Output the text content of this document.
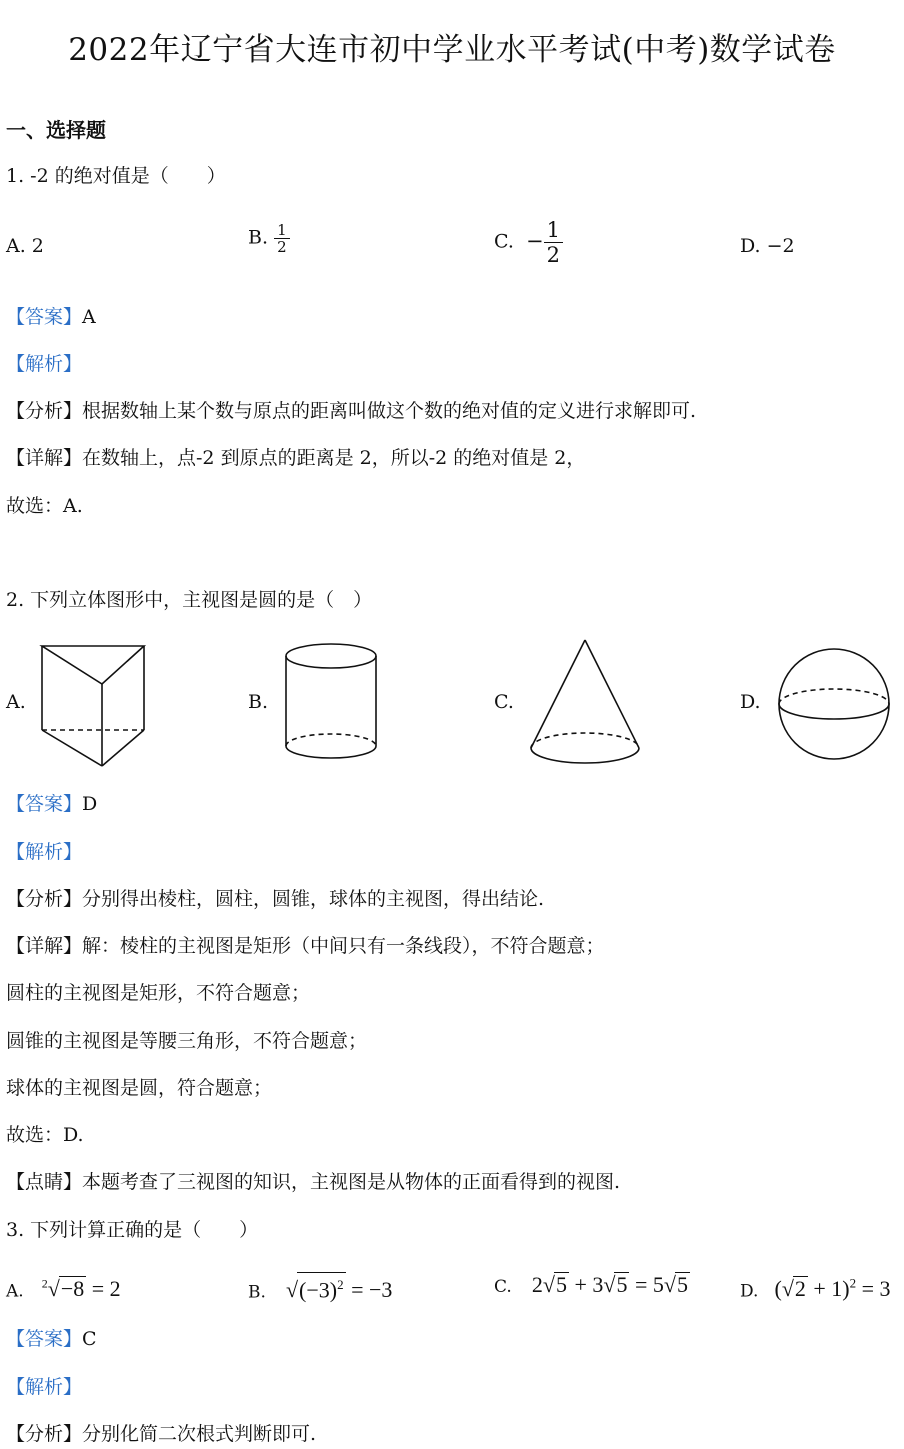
2022年辽宁省大连市初中学业水平考试(中考)数学试卷
一、选择题
1. -2 的绝对值是（　　）
A. 2	B. $\frac{1}{2}$	C. − $\frac{1}{2}$	D. −2
【答案】A
【解析】
【分析】根据数轴上某个数与原点的距离叫做这个数的绝对值的定义进行求解即可.
【详解】在数轴上，点-2 到原点的距离是 2，所以-2 的绝对值是 2，
故选：A.
2. 下列立体图形中，主视图是圆的是（　）
A.	B.	C.	D.
【答案】D
【解析】
【分析】分别得出棱柱，圆柱，圆锥，球体的主视图，得出结论.
【详解】解：棱柱的主视图是矩形（中间只有一条线段），不符合题意；
圆柱的主视图是矩形，不符合题意；
圆锥的主视图是等腰三角形，不符合题意；
球体的主视图是圆，符合题意；
故选：D.
【点睛】本题考查了三视图的知识，主视图是从物体的正面看得到的视图.
3. 下列计算正确的是（　　）
A. $^2$√−8 = 2	B. $√(-3)^2 = -3$	C. 2√5 + 3√5 = 5√5	D. $(√2 + 1)^2 = 3$
【答案】C
【解析】
【分析】分别化简二次根式判断即可.
